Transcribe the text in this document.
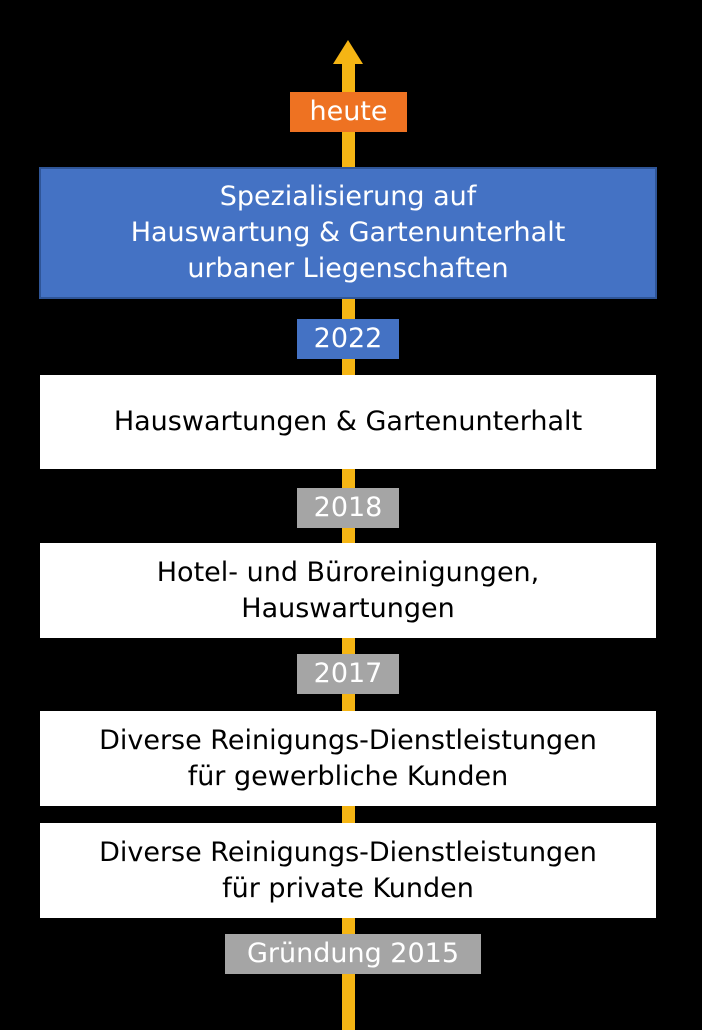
heute
Spezialisierung auf
Hauswartung & Gartenunterhalt
urbaner Liegenschaften
2022
Hauswartungen & Gartenunterhalt
2018
Hotel- und Büroreinigungen,
Hauswartungen
2017
Diverse Reinigungs-Dienstleistungen
für gewerbliche Kunden
Diverse Reinigungs-Dienstleistungen
für private Kunden
Gründung 2015
